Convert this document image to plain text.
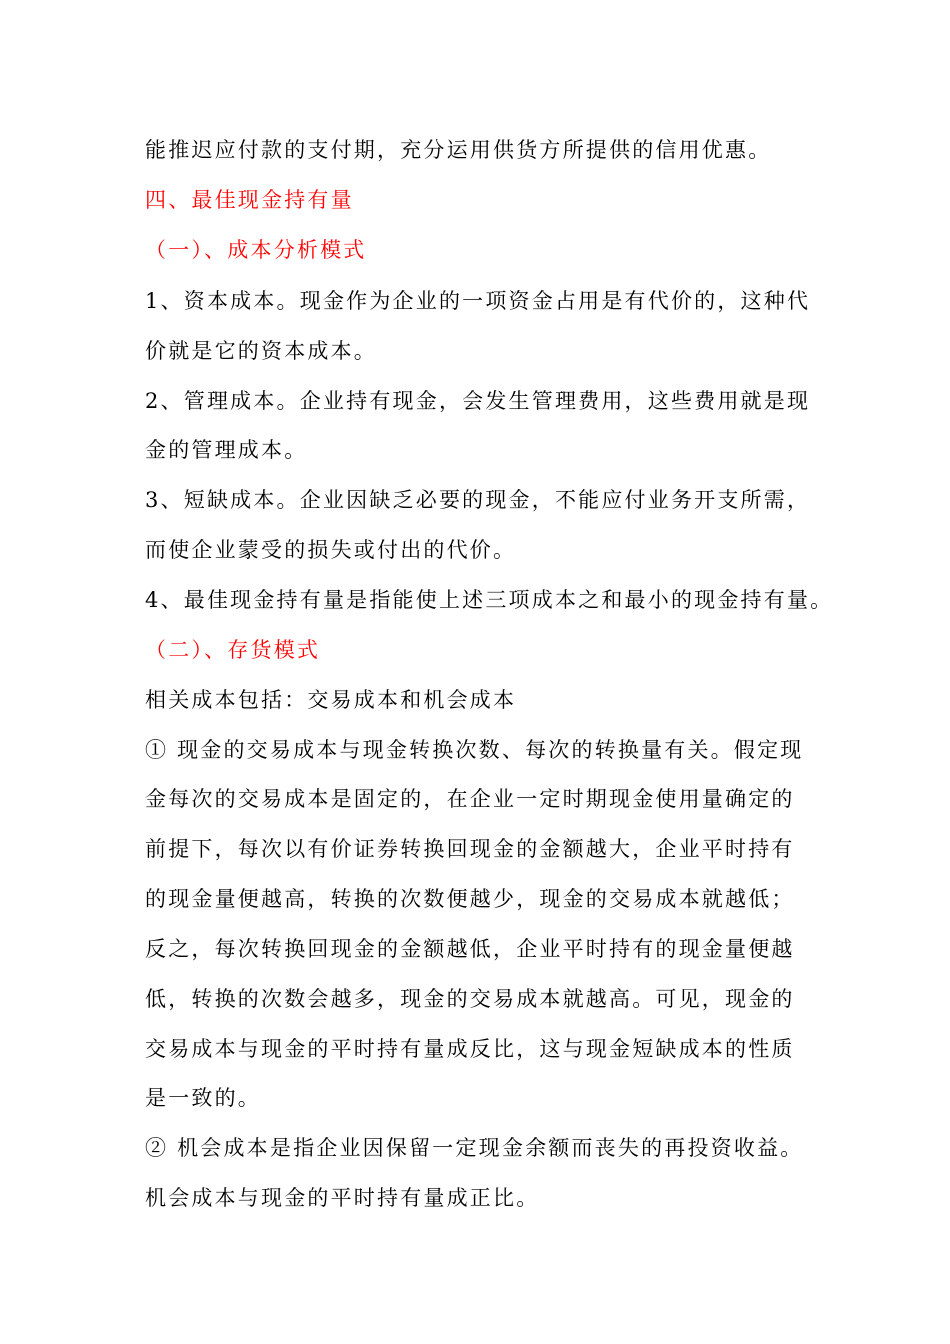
能推迟应付款的支付期，充分运用供货方所提供的信用优惠。
四、最佳现金持有量
（一）、成本分析模式
1、资本成本。现金作为企业的一项资金占用是有代价的，这种代
价就是它的资本成本。
2、管理成本。企业持有现金，会发生管理费用，这些费用就是现
金的管理成本。
3、短缺成本。企业因缺乏必要的现金，不能应付业务开支所需，
而使企业蒙受的损失或付出的代价。
4、最佳现金持有量是指能使上述三项成本之和最小的现金持有量。
（二）、存货模式
相关成本包括：交易成本和机会成本
① 现金的交易成本与现金转换次数、每次的转换量有关。假定现
金每次的交易成本是固定的，在企业一定时期现金使用量确定的
前提下，每次以有价证券转换回现金的金额越大，企业平时持有
的现金量便越高，转换的次数便越少，现金的交易成本就越低；
反之，每次转换回现金的金额越低，企业平时持有的现金量便越
低，转换的次数会越多，现金的交易成本就越高。可见，现金的
交易成本与现金的平时持有量成反比，这与现金短缺成本的性质
是一致的。
② 机会成本是指企业因保留一定现金余额而丧失的再投资收益。
机会成本与现金的平时持有量成正比。
